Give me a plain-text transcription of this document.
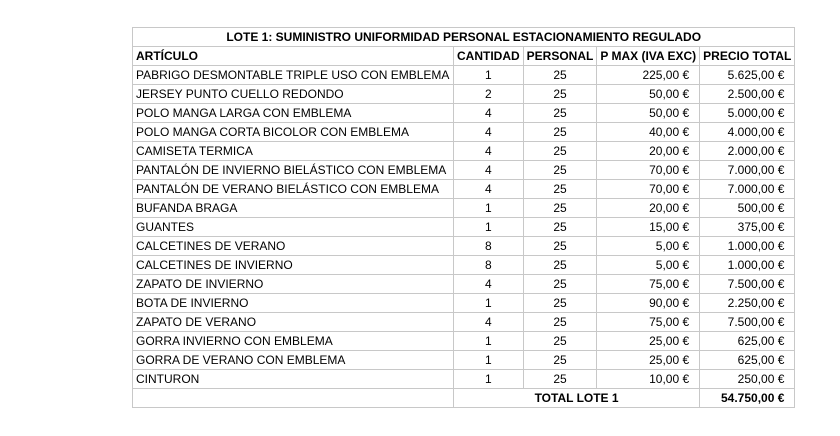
LOTE 1: SUMINISTRO UNIFORMIDAD PERSONAL ESTACIONAMIENTO REGULADO				
ARTÍCULO	CANTIDAD	PERSONAL	P MAX (IVA EXC)	PRECIO TOTAL
PABRIGO DESMONTABLE TRIPLE USO CON EMBLEMA	1	25	225,00 €	5.625,00 €
JERSEY PUNTO CUELLO REDONDO	2	25	50,00 €	2.500,00 €
POLO MANGA LARGA CON EMBLEMA	4	25	50,00 €	5.000,00 €
POLO MANGA CORTA BICOLOR CON EMBLEMA	4	25	40,00 €	4.000,00 €
CAMISETA TERMICA	4	25	20,00 €	2.000,00 €
PANTALÓN DE INVIERNO BIELÁSTICO CON EMBLEMA	4	25	70,00 €	7.000,00 €
PANTALÓN DE VERANO BIELÁSTICO CON EMBLEMA	4	25	70,00 €	7.000,00 €
BUFANDA BRAGA	1	25	20,00 €	500,00 €
GUANTES	1	25	15,00 €	375,00 €
CALCETINES DE VERANO	8	25	5,00 €	1.000,00 €
CALCETINES DE INVIERNO	8	25	5,00 €	1.000,00 €
ZAPATO DE INVIERNO	4	25	75,00 €	7.500,00 €
BOTA DE INVIERNO	1	25	90,00 €	2.250,00 €
ZAPATO DE VERANO	4	25	75,00 €	7.500,00 €
GORRA INVIERNO CON EMBLEMA	1	25	25,00 €	625,00 €
GORRA DE VERANO CON EMBLEMA	1	25	25,00 €	625,00 €
CINTURON	1	25	10,00 €	250,00 €
	TOTAL LOTE 1			54.750,00 €
